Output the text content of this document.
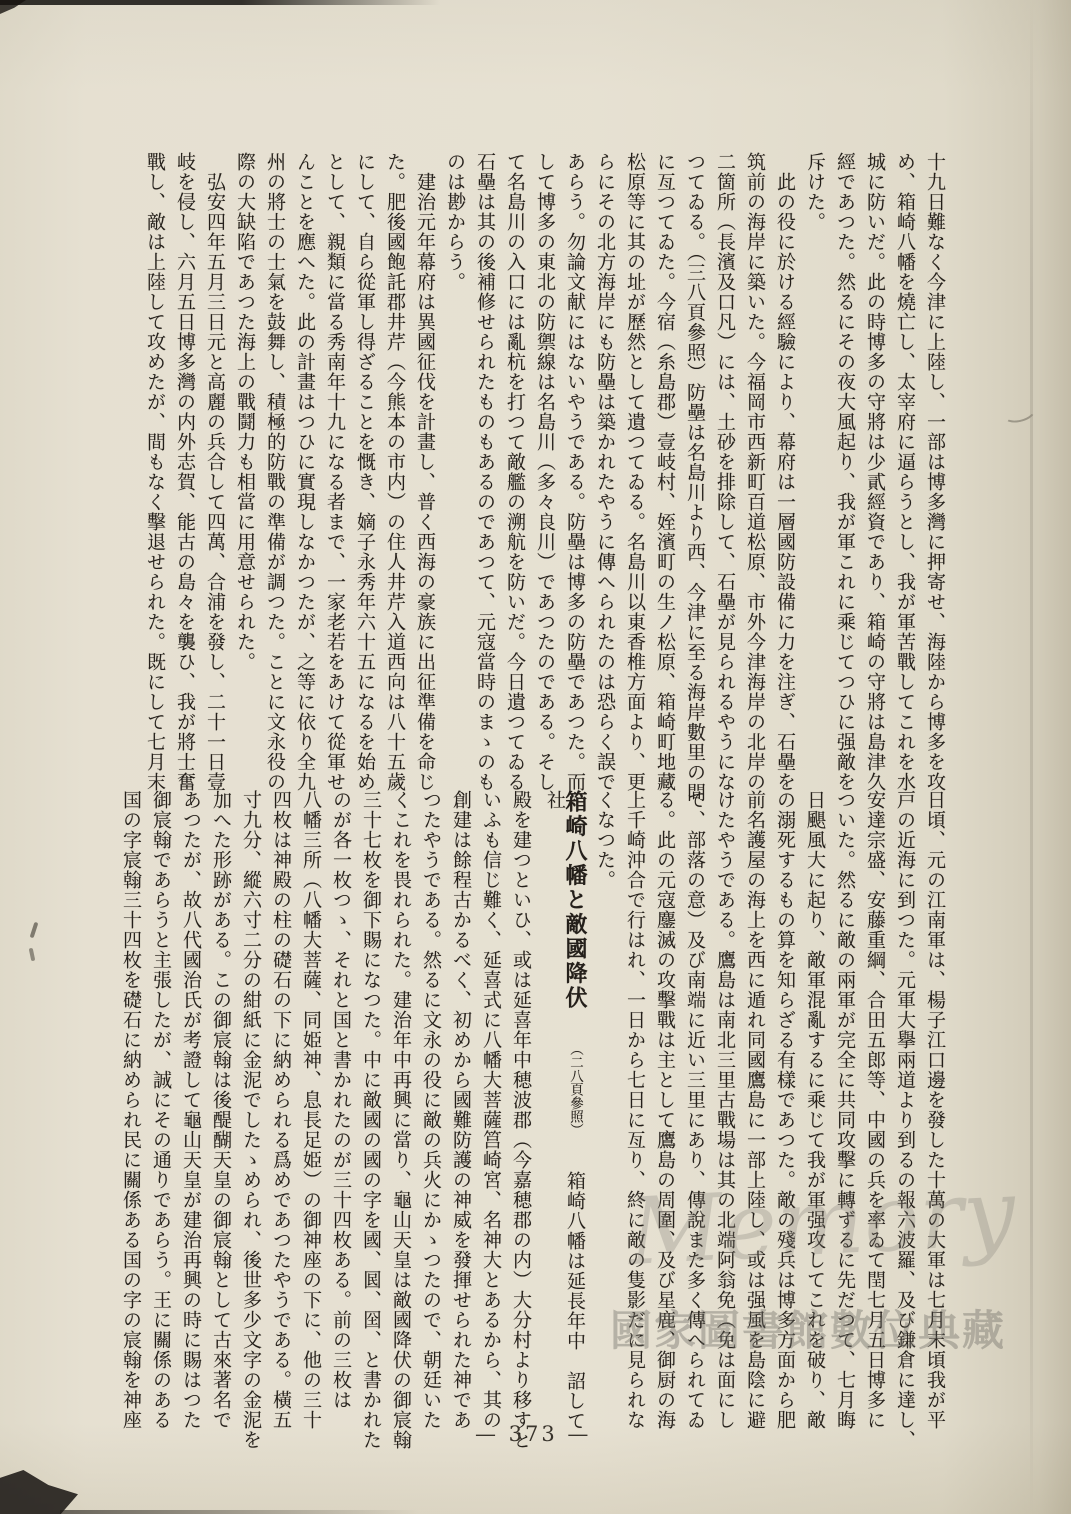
十九日難なく今津に上陸し、一部は博多灣に押寄せ、海陸から博多を攻
め、箱崎八幡を燒亡し、太宰府に逼らうとし、我が軍苦戰してこれを水
城に防いだ。此の時博多の守將は少貳經資であり、箱崎の守將は島津久
經であつた。然るにその夜大風起り、我が軍これに乘じてつひに强敵を
斥けた。
　此の役に於ける經驗により、幕府は一層國防設備に力を注ぎ、石壘を
筑前の海岸に築いた。今福岡市西新町百道松原、市外今津海岸の北岸の
二箇所（長濱及口凡）には、土砂を排除して、石壘が見られるやうにな
つてゐる。（三八頁參照）防壘は名島川より西、今津に至る海岸數里の間
に亙つてゐた。今宿（糸島郡）壹岐村、姪濱町の生ノ松原、箱崎町地藏
松原等に其の址が歷然として遺つてゐる。名島川以東香椎方面より、更
らにその北方海岸にも防壘は築かれたやうに傳へられたのは恐らく誤で
あらう。勿論文献にはないやうである。防壘は博多の防壘であつた。而
して博多の東北の防禦線は名島川（多々良川）であつたのである。そし
て名島川の入口には亂杭を打つて敵艦の溯航を防いだ。今日遺つてゐる
石壘は其の後補修せられたものもあるのであつて、元寇當時のまゝのも
のは尠からう。
　建治元年幕府は異國征伐を計畫し、普く西海の豪族に出征準備を命じ
た。肥後國飽託郡井芹（今熊本の市内）の住人井芹入道西向は八十五歲
にして、自ら從軍し得ざることを慨き、嫡子永秀年六十五になるを始め
として、親類に當る秀南年十九になる者まで、一家老若をあけて從軍せ
んことを應へた。此の計畫はつひに實現しなかつたが、之等に依り全九
州の將士の士氣を鼓舞し、積極的防戰の準備が調つた。ことに文永役の
際の大缺陷であつた海上の戰鬪力も相當に用意せられた。
　弘安四年五月三日元と高麗の兵合して四萬、合浦を發し、二十一日壹
岐を侵し、六月五日博多灣の内外志賀、能古の島々を襲ひ、我が將士奮
戰し、敵は上陸して攻めたが、間もなく擊退せられた。既にして七月末
日頃、元の江南軍は、楊子江口邊を發した十萬の大軍は七月末頃我が平
戸の近海に到つた。元軍大擧兩道より到るの報六波羅、及び鎌倉に達し、
安達宗盛、安藤重綱、合田五郎等、中國の兵を率ゐて閏七月五日博多に
ついた。然るに敵の兩軍が完全に共同攻擊に轉ずるに先だつて、七月晦
日颶風大に起り、敵軍混亂するに乘じて我が軍强攻してこれを破り、敵
の溺死するもの算を知らざる有樣であつた。敵の殘兵は博多方面から肥
前名護屋の海上を西に遁れ同國鷹島に一部上陸し、或は强風を島陰に避
けたやうである。鷹島は南北三里古戰場は其の北端阿翁免（免は面にし
て、部落の意）及び南端に近い三里にあり、傳說また多く傳へられてゐ
る。此の元寇鏖滅の攻擊戰は主として鷹島の周圍、及び星鹿、御厨の海
上千崎沖合で行はれ、一日から七日に亙り、終に敵の隻影だに見られな
くなつた。
箱崎八幡と敵國降伏 （二八頁參照） 箱崎八幡は延長年中　詔して社
殿を建つといひ、或は延喜年中穂波郡（今嘉穂郡の内）大分村より移すと
いふも信じ難く、延喜式に八幡大菩薩筥崎宮、名神大とあるから、其の
創建は餘程古かるべく、初めから國難防護の神威を發揮せられた神であ
つたやうである。然るに文永の役に敵の兵火にかゝつたので、朝廷いた
くこれを畏れられた。建治年中再興に當り、龜山天皇は敵國降伏の御宸翰
三十七枚を御下賜になつた。中に敵國の國の字を國、囻、囶、と書かれた
のが各一枚つゝ、それと国と書かれたのが三十四枚ある。前の三枚は
八幡三所（八幡大菩薩、同姫神、息長足姫）の御神座の下に、他の三十
四枚は神殿の柱の礎石の下に納められる爲めであつたやうである。橫五
寸九分、縱六寸二分の紺紙に金泥でしたゝめられ、後世多少文字の金泥を
加へた形跡がある。この御宸翰は後醍醐天皇の御宸翰として古來著名で
あつたが、故八代國治氏が考證して龜山天皇が建治再興の時に賜はつた
御宸翰であらうと主張したが、誠にその通りであらう。王に關係のある
国の字宸翰三十四枚を礎石に納められ民に關係ある国の字の宸翰を神座	Memory
國家圖書館數位典藏
— 373 —
